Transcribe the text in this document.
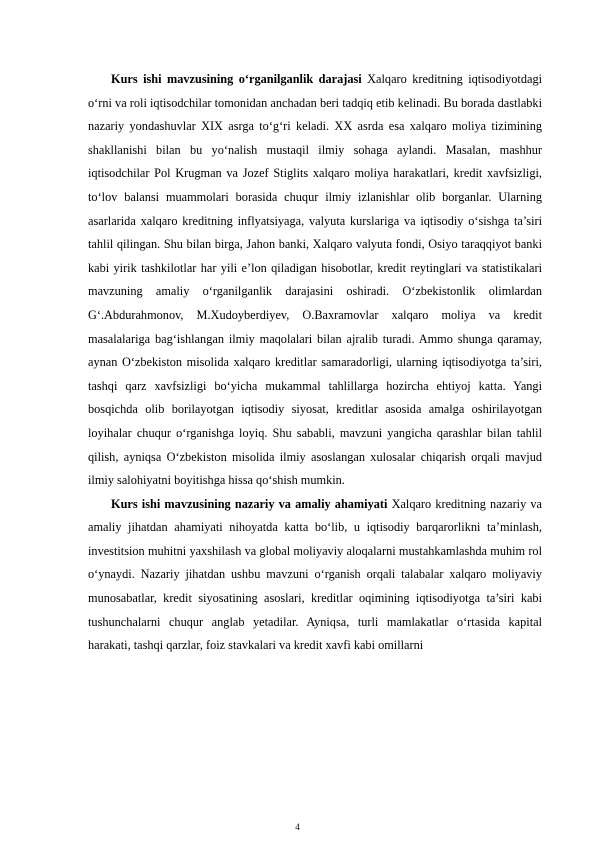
Kurs ishi mavzusining o‘rganilganlik darajasi Xalqaro kreditning iqtisodiyotdagi o‘rni va roli iqtisodchilar tomonidan anchadan beri tadqiq etib kelinadi. Bu borada dastlabki nazariy yondashuvlar XIX asrga to‘g‘ri keladi. XX asrda esa xalqaro moliya tizimining shakllanishi bilan bu yo‘nalish mustaqil ilmiy sohaga aylandi. Masalan, mashhur iqtisodchilar Pol Krugman va Jozef Stiglits xalqaro moliya harakatlari, kredit xavfsizligi, to‘lov balansi muammolari borasida chuqur ilmiy izlanishlar olib borganlar. Ularning asarlarida xalqaro kreditning inflyatsiyaga, valyuta kurslariga va iqtisodiy o‘sishga ta’siri tahlil qilingan. Shu bilan birga, Jahon banki, Xalqaro valyuta fondi, Osiyo taraqqiyot banki kabi yirik tashkilotlar har yili e’lon qiladigan hisobotlar, kredit reytinglari va statistikalari mavzuning amaliy o‘rganilganlik darajasini oshiradi. O‘zbekistonlik olimlardan G‘.Abdurahmonov, M.Xudoyberdiyev, O.Baxramovlar xalqaro moliya va kredit masalalariga bag‘ishlangan ilmiy maqolalari bilan ajralib turadi. Ammo shunga qaramay, aynan O‘zbekiston misolida xalqaro kreditlar samaradorligi, ularning iqtisodiyotga ta’siri, tashqi qarz xavfsizligi bo‘yicha mukammal tahlillarga hozircha ehtiyoj katta. Yangi bosqichda olib borilayotgan iqtisodiy siyosat, kreditlar asosida amalga oshirilayotgan loyihalar chuqur o‘rganishga loyiq. Shu sababli, mavzuni yangicha qarashlar bilan tahlil qilish, ayniqsa O‘zbekiston misolida ilmiy asoslangan xulosalar chiqarish orqali mavjud ilmiy salohiyatni boyitishga hissa qo‘shish mumkin.

Kurs ishi mavzusining nazariy va amaliy ahamiyati Xalqaro kreditning nazariy va amaliy jihatdan ahamiyati nihoyatda katta bo‘lib, u iqtisodiy barqarorlikni ta’minlash, investitsion muhitni yaxshilash va global moliyaviy aloqalarni mustahkamlashda muhim rol o‘ynaydi. Nazariy jihatdan ushbu mavzuni o‘rganish orqali talabalar xalqaro moliyaviy munosabatlar, kredit siyosatining asoslari, kreditlar oqimining iqtisodiyotga ta’siri kabi tushunchalarni chuqur anglab yetadilar. Ayniqsa, turli mamlakatlar o‘rtasida kapital harakati, tashqi qarzlar, foiz stavkalari va kredit xavfi kabi omillarni

4
